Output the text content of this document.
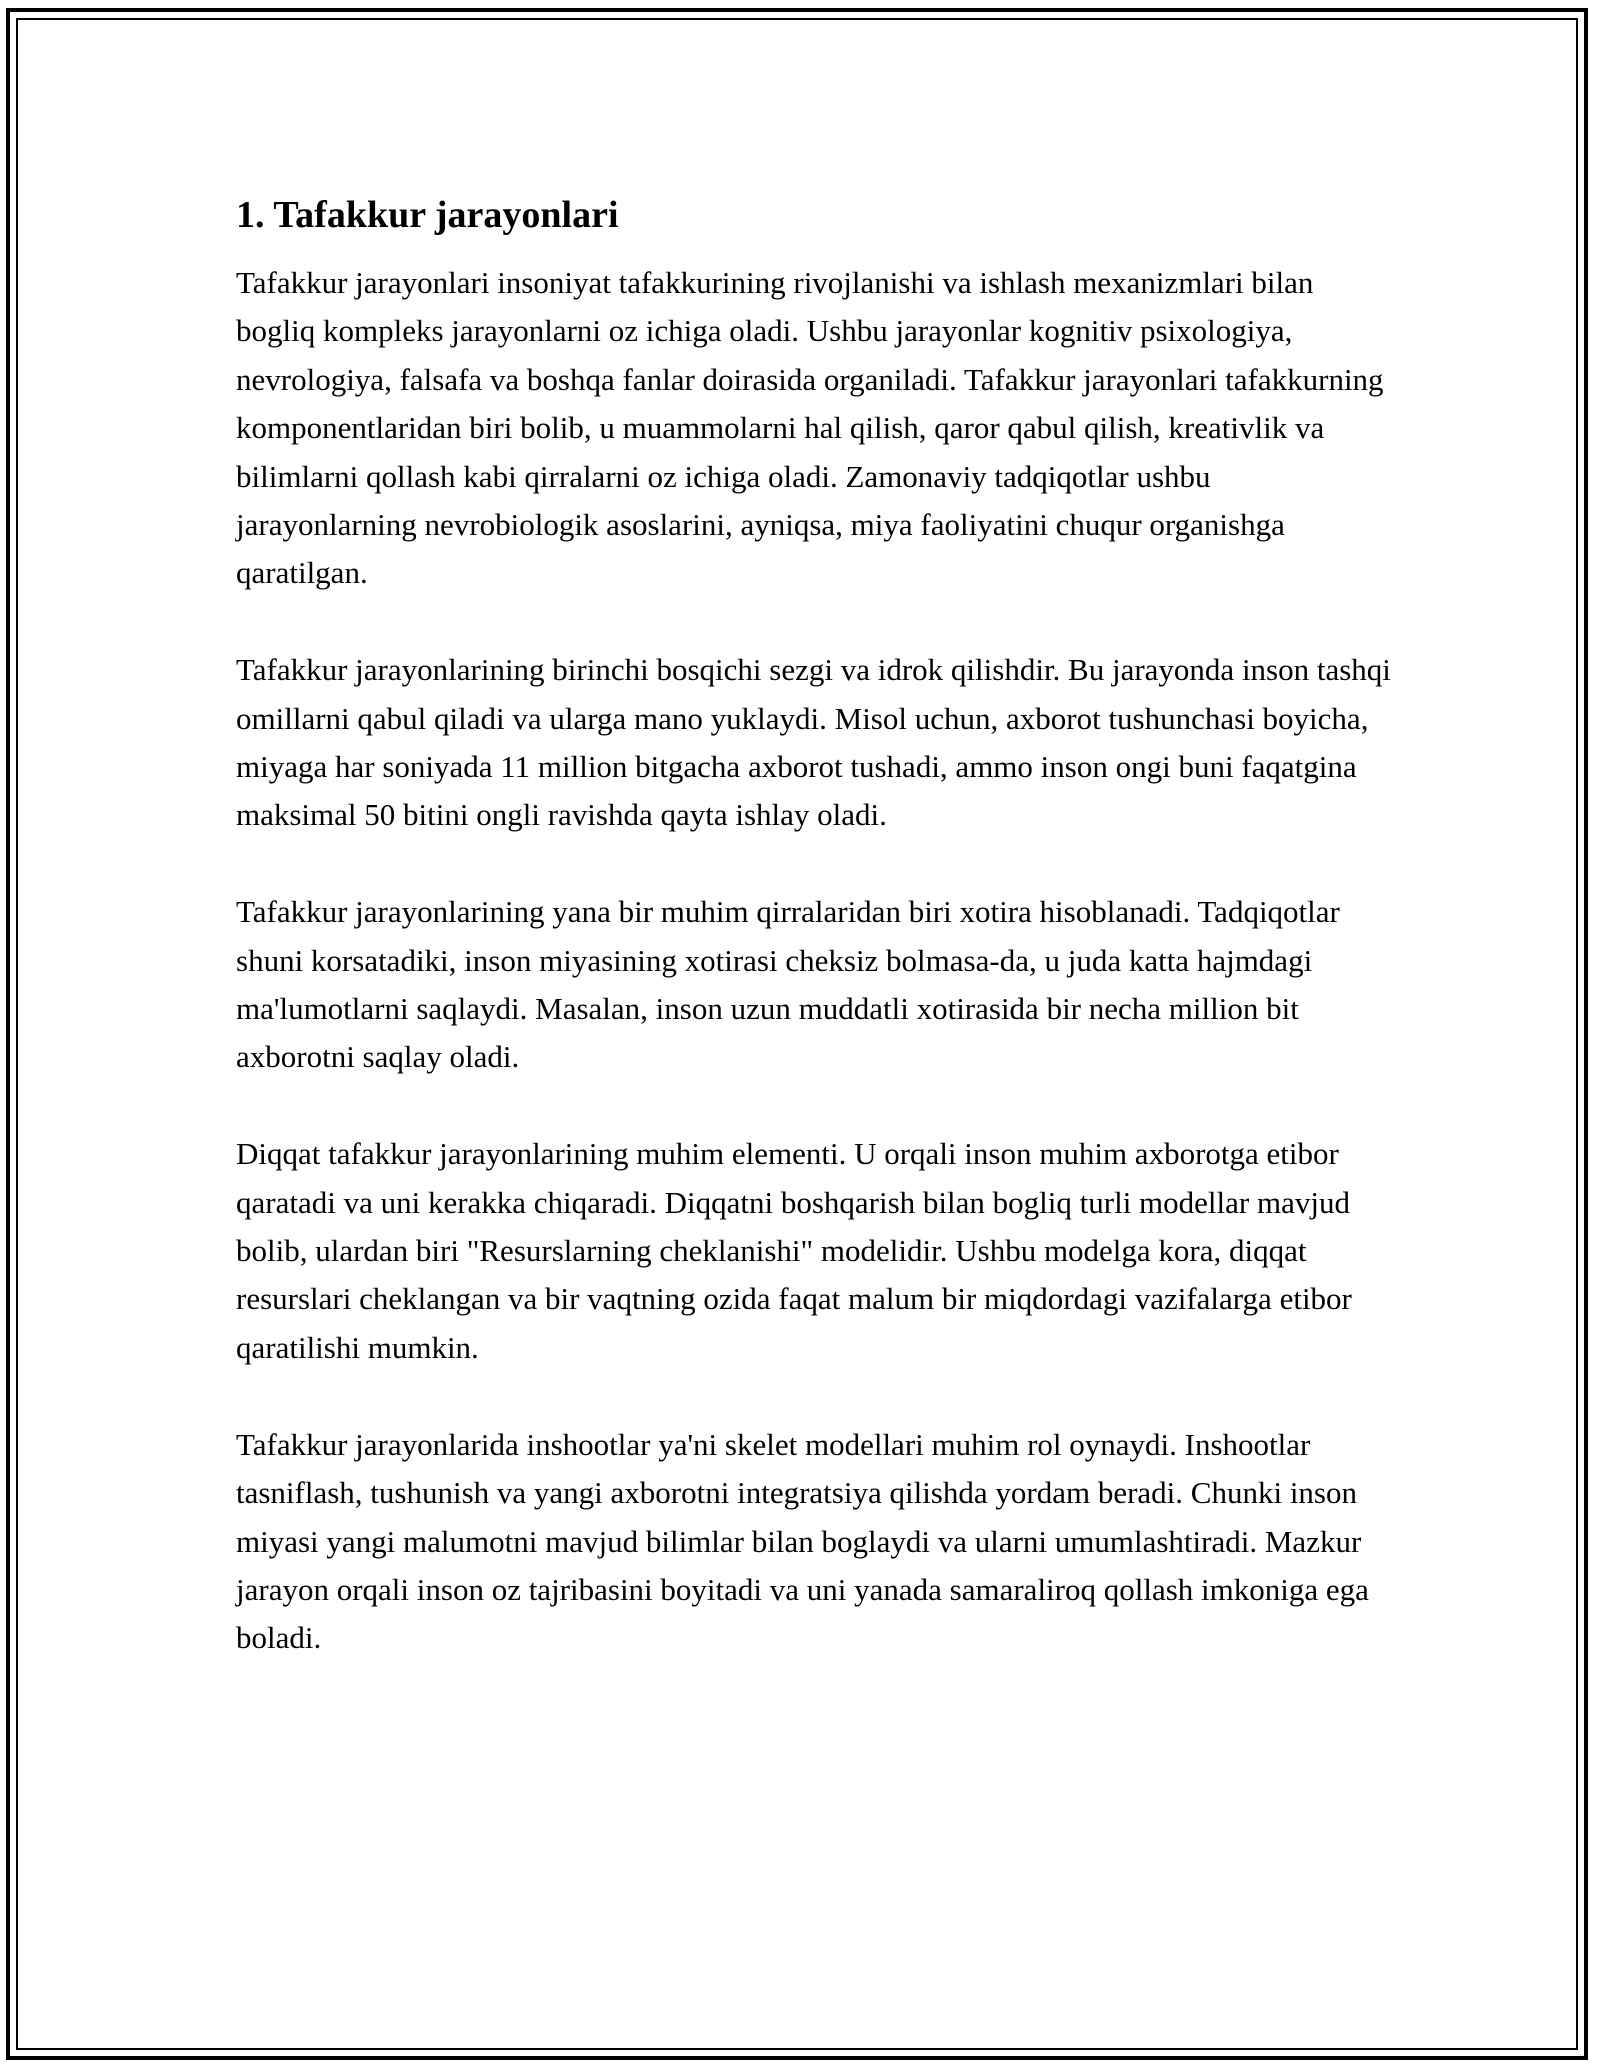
1. Tafakkur jarayonlari

Tafakkur jarayonlari insoniyat tafakkurining rivojlanishi va ishlash mexanizmlari bilan bogliq kompleks jarayonlarni oz ichiga oladi. Ushbu jarayonlar kognitiv psixologiya, nevrologiya, falsafa va boshqa fanlar doirasida organiladi. Tafakkur jarayonlari tafakkurning komponentlaridan biri bolib, u muammolarni hal qilish, qaror qabul qilish, kreativlik va bilimlarni qollash kabi qirralarni oz ichiga oladi. Zamonaviy tadqiqotlar ushbu jarayonlarning nevrobiologik asoslarini, ayniqsa, miya faoliyatini chuqur organishga qaratilgan.

Tafakkur jarayonlarining birinchi bosqichi sezgi va idrok qilishdir. Bu jarayonda inson tashqi omillarni qabul qiladi va ularga mano yuklaydi. Misol uchun, axborot tushunchasi boyicha, miyaga har soniyada 11 million bitgacha axborot tushadi, ammo inson ongi buni faqatgina maksimal 50 bitini ongli ravishda qayta ishlay oladi.

Tafakkur jarayonlarining yana bir muhim qirralaridan biri xotira hisoblanadi. Tadqiqotlar shuni korsatadiki, inson miyasining xotirasi cheksiz bolmasa-da, u juda katta hajmdagi ma'lumotlarni saqlaydi. Masalan, inson uzun muddatli xotirasida bir necha million bit axborotni saqlay oladi.

Diqqat tafakkur jarayonlarining muhim elementi. U orqali inson muhim axborotga etibor qaratadi va uni kerakka chiqaradi. Diqqatni boshqarish bilan bogliq turli modellar mavjud bolib, ulardan biri "Resurslarning cheklanishi" modelidir. Ushbu modelga kora, diqqat resurslari cheklangan va bir vaqtning ozida faqat malum bir miqdordagi vazifalarga etibor qaratilishi mumkin.

Tafakkur jarayonlarida inshootlar ya'ni skelet modellari muhim rol oynaydi. Inshootlar tasniflash, tushunish va yangi axborotni integratsiya qilishda yordam beradi. Chunki inson miyasi yangi malumotni mavjud bilimlar bilan boglaydi va ularni umumlashtiradi. Mazkur jarayon orqali inson oz tajribasini boyitadi va uni yanada samaraliroq qollash imkoniga ega boladi.
